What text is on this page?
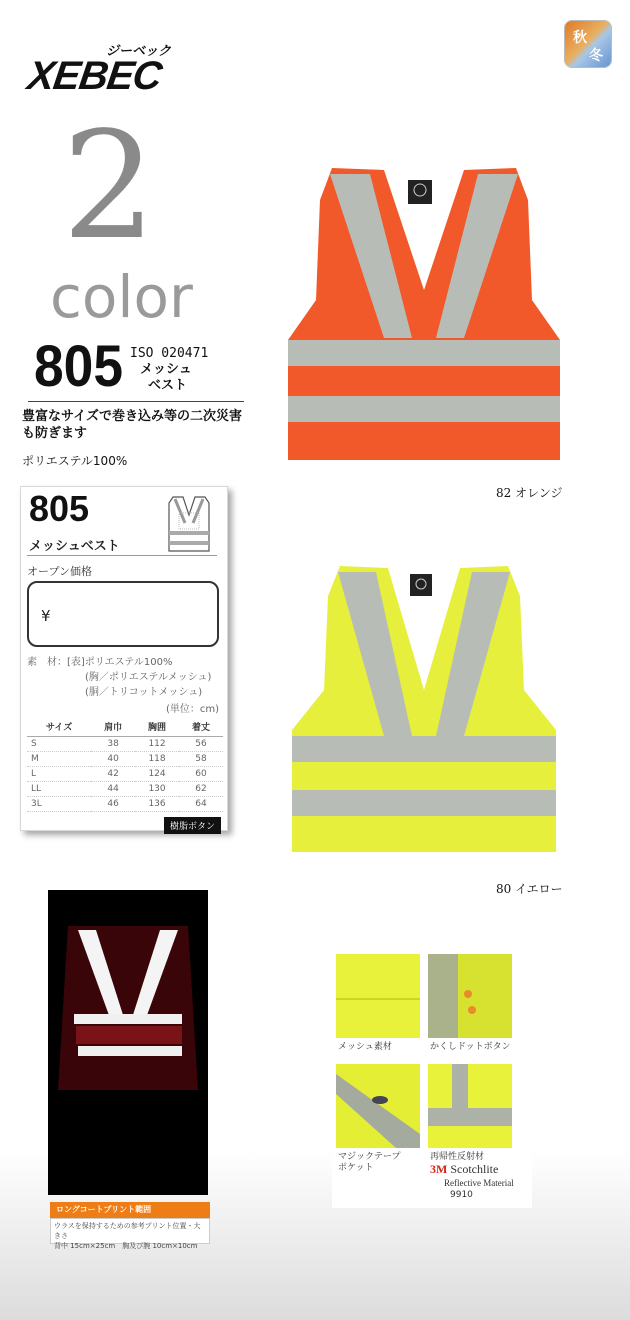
ジーベック
XEBEC
秋
冬
2
color
805 ISO 020471
メッシュ
ベスト
豊富なサイズで巻き込み等の二次災害も防ぎます
ポリエステル100%
805
メッシュベスト
オープン価格
¥
素　材：[表]ポリエステル100%
(胸／ポリエステルメッシュ)
(胴／トリコットメッシュ)
(単位：cm)
サイズ	肩巾	胸囲	着丈
S	38	112	56
M	40	118	58
L	42	124	60
LL	44	130	62
3L	46	136	64
樹脂ボタン
82 オレンジ
80 イエロー
ロングコートプリント範囲
ウラスを保持するための参考プリント位置・大きさ
背中 15cm×25cm　胸及び腕 10cm×10cm
メッシュ素材	かくしドットボタン
マジックテープ
ポケット
再帰性反射材
3M Scotchlite
Reflective Material
9910
